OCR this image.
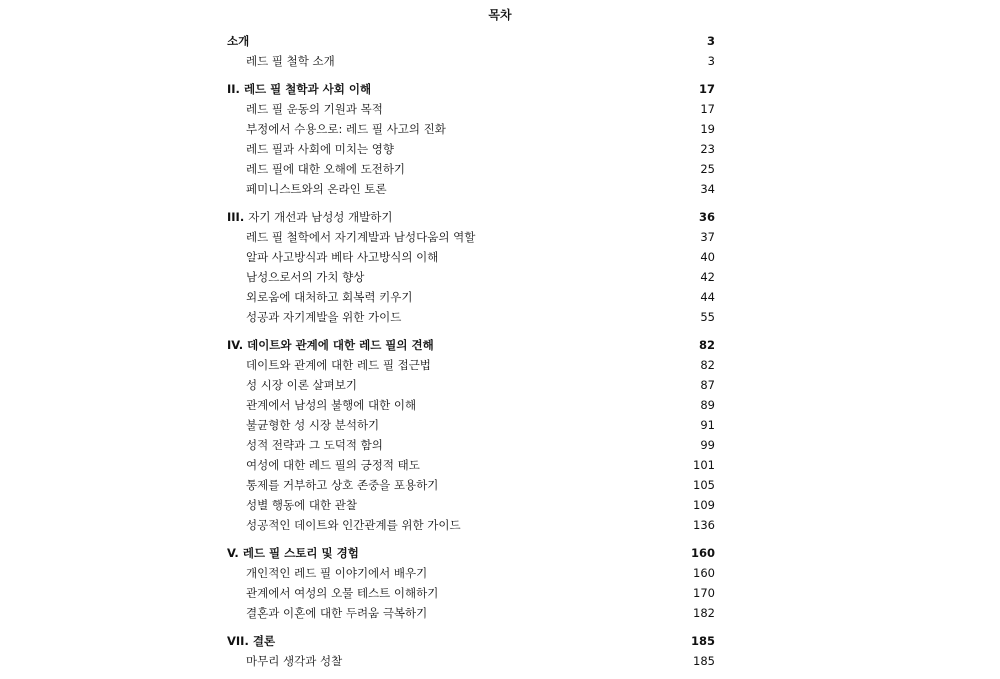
목차
소개	3
레드 필 철학 소개	3
II. 레드 필 철학과 사회 이해	17
레드 필 운동의 기원과 목적	17
부정에서 수용으로: 레드 필 사고의 진화	19
레드 필과 사회에 미치는 영향	23
레드 필에 대한 오해에 도전하기	25
페미니스트와의 온라인 토론	34
III. 자기 개선과 남성성 개발하기	36
레드 필 철학에서 자기계발과 남성다움의 역할	37
알파 사고방식과 베타 사고방식의 이해	40
남성으로서의 가치 향상	42
외로움에 대처하고 회복력 키우기	44
성공과 자기계발을 위한 가이드	55
IV. 데이트와 관계에 대한 레드 필의 견해	82
데이트와 관계에 대한 레드 필 접근법	82
성 시장 이론 살펴보기	87
관계에서 남성의 불행에 대한 이해	89
불균형한 성 시장 분석하기	91
성적 전략과 그 도덕적 함의	99
여성에 대한 레드 필의 긍정적 태도	101
통제를 거부하고 상호 존중을 포용하기	105
성별 행동에 대한 관찰	109
성공적인 데이트와 인간관계를 위한 가이드	136
V. 레드 필 스토리 및 경험	160
개인적인 레드 필 이야기에서 배우기	160
관계에서 여성의 오물 테스트 이해하기	170
결혼과 이혼에 대한 두려움 극복하기	182
VII. 결론	185
마무리 생각과 성찰	185
